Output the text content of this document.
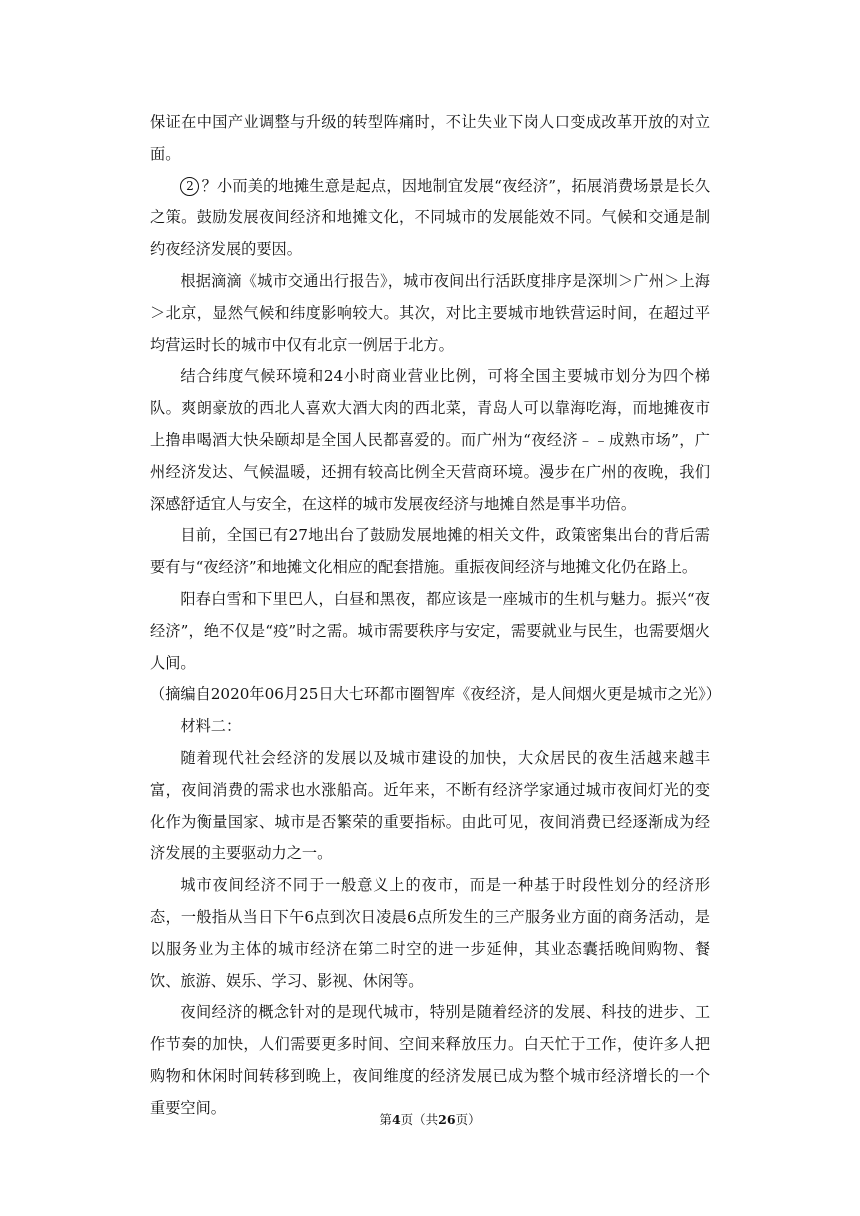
保证在中国产业调整与升级的转型阵痛时，不让失业下岗人口变成改革开放的对立面。

2 ？小而美的地摊生意是起点，因地制宜发展“夜经济”，拓展消费场景是长久之策。鼓励发展夜间经济和地摊文化，不同城市的发展能效不同。气候和交通是制约夜经济发展的要因。

根据滴滴《城市交通出行报告》，城市夜间出行活跃度排序是深圳＞广州＞上海＞北京，显然气候和纬度影响较大。其次，对比主要城市地铁营运时间，在超过平均营运时长的城市中仅有北京一例居于北方。

结合纬度气候环境和24小时商业营业比例，可将全国主要城市划分为四个梯队。爽朗豪放的西北人喜欢大酒大肉的西北菜，青岛人可以靠海吃海，而地摊夜市上撸串喝酒大快朵颐却是全国人民都喜爱的。而广州为“夜经济﹣﹣成熟市场”，广州经济发达、气候温暖，还拥有较高比例全天营商环境。漫步在广州的夜晚，我们深感舒适宜人与安全，在这样的城市发展夜经济与地摊自然是事半功倍。

目前，全国已有27地出台了鼓励发展地摊的相关文件，政策密集出台的背后需要有与“夜经济”和地摊文化相应的配套措施。重振夜间经济与地摊文化仍在路上。

阳春白雪和下里巴人，白昼和黑夜，都应该是一座城市的生机与魅力。振兴“夜经济”，绝不仅是“疫”时之需。城市需要秩序与安定，需要就业与民生，也需要烟火人间。

（摘编自2020年06月25日大七环都市圈智库《夜经济，是人间烟火更是城市之光》）

材料二：

随着现代社会经济的发展以及城市建设的加快，大众居民的夜生活越来越丰富，夜间消费的需求也水涨船高。近年来，不断有经济学家通过城市夜间灯光的变化作为衡量国家、城市是否繁荣的重要指标。由此可见，夜间消费已经逐渐成为经济发展的主要驱动力之一。

城市夜间经济不同于一般意义上的夜市，而是一种基于时段性划分的经济形态，一般指从当日下午6点到次日凌晨6点所发生的三产服务业方面的商务活动，是以服务业为主体的城市经济在第二时空的进一步延伸，其业态囊括晚间购物、餐饮、旅游、娱乐、学习、影视、休闲等。

夜间经济的概念针对的是现代城市，特别是随着经济的发展、科技的进步、工作节奏的加快，人们需要更多时间、空间来释放压力。白天忙于工作，使许多人把购物和休闲时间转移到晚上，夜间维度的经济发展已成为整个城市经济增长的一个重要空间。

第4页（共26页）
